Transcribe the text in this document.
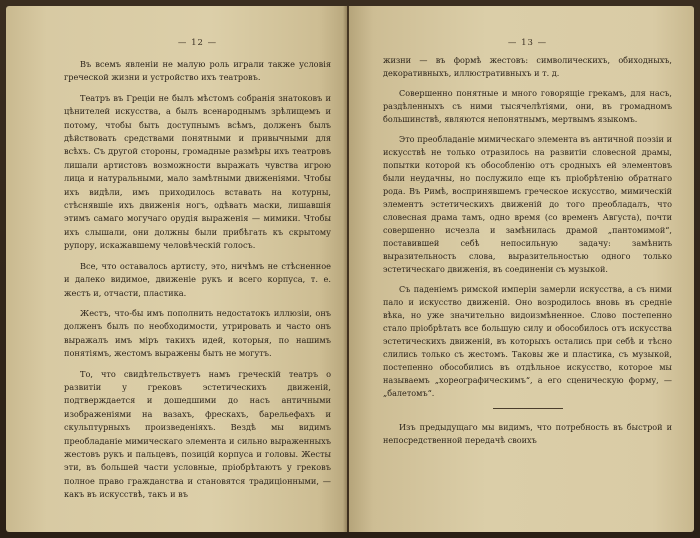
— 12 —

Въ всемъ явленіи не малую роль играли также условія греческой жизни и устройство ихъ театровъ.

Театръ въ Греціи не былъ мѣстомъ собранія знатоковъ и цѣнителей искусства, а былъ всенароднымъ зрѣлищемъ и потому, чтобы быть доступнымъ всѣмъ, долженъ былъ дѣйствовать средствами понятными и привычными для всѣхъ. Съ другой стороны, громадные размѣры ихъ театровъ лишали артистовъ возможности выражать чувства игрою лица и натуральными, мало замѣтными движеніями. Чтобы ихъ видѣли, имъ приходилось вставать на котурны, стѣснявшіе ихъ движенія ногъ, одѣвать маски, лишавшія этимъ самаго могучаго орудія выраженія — мимики. Чтобы ихъ слышали, они должны были прибѣгать къ скрытому рупору, искажавшему человѣческій голосъ.

Все, что оставалось артисту, это, ничѣмъ не стѣсненное и далеко видимое, движеніе рукъ и всего корпуса, т. е. жестъ и, отчасти, пластика.

Жестъ, что-бы имъ пополнить недостатокъ иллюзіи, онъ долженъ былъ по необходимости, утрировать и часто онъ выражалъ имъ міръ такихъ идей, которыя, по нашимъ понятіямъ, жестомъ выражены быть не могутъ.

То, что свидѣтельствуетъ намъ греческій театръ о развитіи у грековъ эстетическихъ движеній, подтверждается и дошедшими до насъ античными изображеніями на вазахъ, фрескахъ, барельефахъ и скульптурныхъ произведеніяхъ. Вездѣ мы видимъ преобладаніе мимическаго элемента и сильно выраженныхъ жестовъ рукъ и пальцевъ, позицій корпуса и головы. Жесты эти, въ большей части условные, пріобрѣтаютъ у грековъ полное право гражданства и становятся традиціонными, — какъ въ искусствѣ, такъ и въ

— 13 —

жизни — въ формѣ жестовъ: символическихъ, обиходныхъ, декоративныхъ, иллюстративныхъ и т. д.

Совершенно понятные и много говорящіе грекамъ, для насъ, раздѣленныхъ съ ними тысячелѣтіями, они, въ громадномъ большинствѣ, являются непонятнымъ, мертвымъ языкомъ.

Это преобладаніе мимическаго элемента въ античной поэзіи и искусствѣ не только отразилось на развитіи словесной драмы, попытки которой къ обособленію отъ сродныхъ ей элементовъ были неудачны, но послужило еще къ пріобрѣтенію обратнаго рода. Въ Римѣ, воспринявшемъ греческое искусство, мимическій элементъ эстетическихъ движеній до того преобладалъ, что словесная драма тамъ, одно время (со временъ Августа), почти совершенно исчезла и замѣнилась драмой „пантомимой“, поставившей себѣ непосильную задачу: замѣнить выразительность слова, выразительностью одного только эстетическаго движенія, въ соединеніи съ музыкой.

Съ паденіемъ римской имперіи замерли искусства, а съ ними пало и искусство движеній. Оно возродилось вновь въ средніе вѣка, но уже значительно видоизмѣненное. Слово постепенно стало пріобрѣтать все большую силу и обособилось отъ искусства эстетическихъ движеній, въ которыхъ остались при себѣ и тѣсно слились только съ жестомъ. Таковы же и пластика, съ музыкой, постепенно обособились въ отдѣльное искусство, которое мы называемъ „хореографическимъ“, а его сценическую форму, — „балетомъ“.

Изъ предыдущаго мы видимъ, что потребность въ быстрой и непосредственной передачѣ своихъ
